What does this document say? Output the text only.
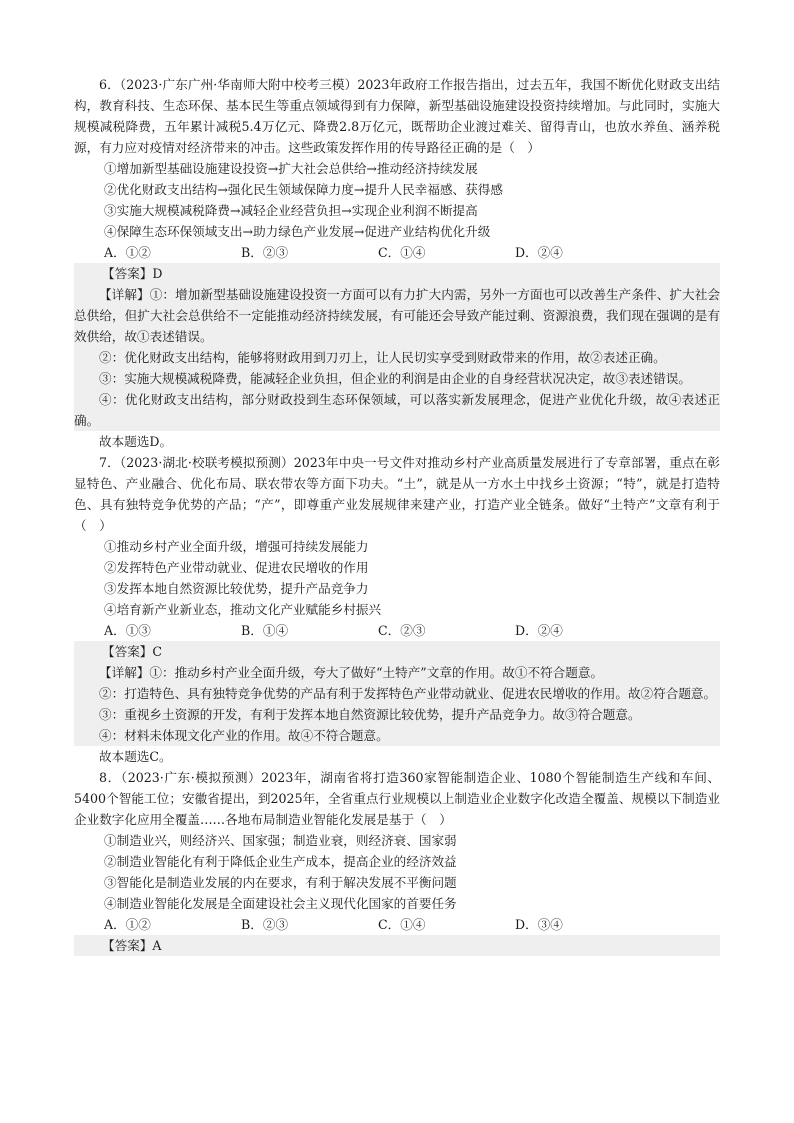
6．（2023·广东广州·华南师大附中校考三模）2023年政府工作报告指出，过去五年，我国不断优化财政支出结构，教育科技、生态环保、基本民生等重点领域得到有力保障，新型基础设施建设投资持续增加。与此同时，实施大规模减税降费，五年累计减税5.4万亿元、降费2.8万亿元，既帮助企业渡过难关、留得青山，也放水养鱼、涵养税源，有力应对疫情对经济带来的冲击。这些政策发挥作用的传导路径正确的是（　）

①增加新型基础设施建设投资→扩大社会总供给→推动经济持续发展

②优化财政支出结构→强化民生领域保障力度→提升人民幸福感、获得感

③实施大规模减税降费→减轻企业经营负担→实现企业利润不断提高

④保障生态环保领域支出→助力绿色产业发展→促进产业结构优化升级

A．①②	B．②③	C．①④	D．②④

【答案】D

【详解】①：增加新型基础设施建设投资一方面可以有力扩大内需，另外一方面也可以改善生产条件、扩大社会总供给，但扩大社会总供给不一定能推动经济持续发展，有可能还会导致产能过剩、资源浪费，我们现在强调的是有效供给，故①表述错误。

②：优化财政支出结构，能够将财政用到刀刃上，让人民切实享受到财政带来的作用，故②表述正确。

③：实施大规模减税降费，能减轻企业负担，但企业的利润是由企业的自身经营状况决定，故③表述错误。

④：优化财政支出结构，部分财政投到生态环保领域，可以落实新发展理念，促进产业优化升级，故④表述正确。

故本题选D。

7．（2023·湖北·校联考模拟预测）2023年中央一号文件对推动乡村产业高质量发展进行了专章部署，重点在彰显特色、产业融合、优化布局、联农带农等方面下功夫。“土”，就是从一方水土中找乡土资源；“特”，就是打造特色、具有独特竞争优势的产品；“产”，即尊重产业发展规律来建产业，打造产业全链条。做好“土特产”文章有利于（　）

①推动乡村产业全面升级，增强可持续发展能力

②发挥特色产业带动就业、促进农民增收的作用

③发挥本地自然资源比较优势，提升产品竞争力

④培育新产业新业态，推动文化产业赋能乡村振兴

A．①③	B．①④	C．②③	D．②④

【答案】C

【详解】①：推动乡村产业全面升级，夸大了做好“土特产”文章的作用。故①不符合题意。

②：打造特色、具有独特竞争优势的产品有利于发挥特色产业带动就业、促进农民增收的作用。故②符合题意。

③：重视乡土资源的开发，有利于发挥本地自然资源比较优势，提升产品竞争力。故③符合题意。

④：材料未体现文化产业的作用。故④不符合题意。

故本题选C。

8．（2023·广东·模拟预测）2023年，湖南省将打造360家智能制造企业、1080个智能制造生产线和车间、5400个智能工位；安徽省提出，到2025年，全省重点行业规模以上制造业企业数字化改造全覆盖、规模以下制造业企业数字化应用全覆盖……各地布局制造业智能化发展是基于（　）

①制造业兴，则经济兴、国家强；制造业衰，则经济衰、国家弱

②制造业智能化有利于降低企业生产成本，提高企业的经济效益

③智能化是制造业发展的内在要求，有利于解决发展不平衡问题

④制造业智能化发展是全面建设社会主义现代化国家的首要任务

A．①②	B．②③	C．①④	D．③④

【答案】A
